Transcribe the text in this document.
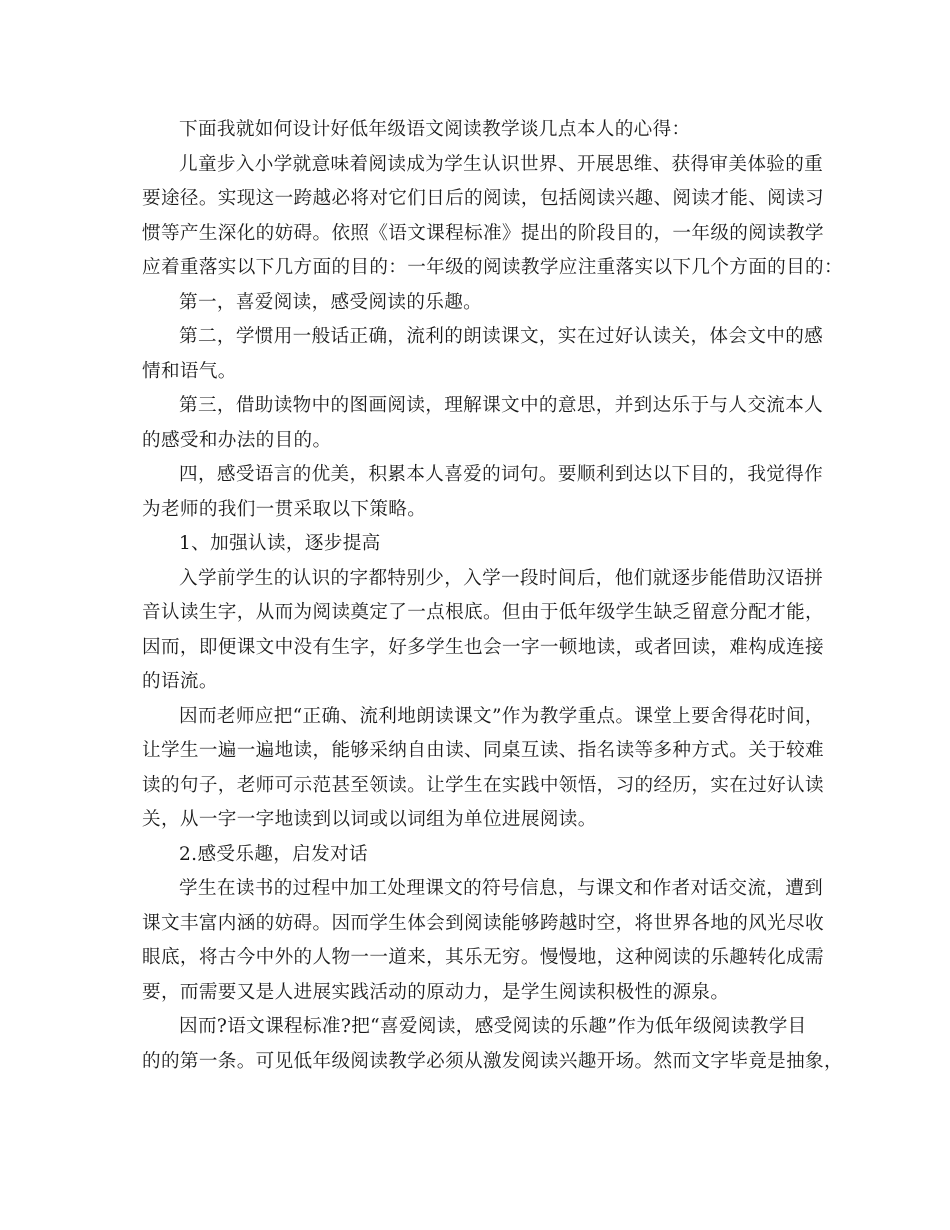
下面我就如何设计好低年级语文阅读教学谈几点本人的心得：
儿童步入小学就意味着阅读成为学生认识世界、开展思维、获得审美体验的重
要途径。实现这一跨越必将对它们日后的阅读，包括阅读兴趣、阅读才能、阅读习
惯等产生深化的妨碍。依照《语文课程标准》提出的阶段目的，一年级的阅读教学
应着重落实以下几方面的目的：一年级的阅读教学应注重落实以下几个方面的目的：
第一，喜爱阅读，感受阅读的乐趣。
第二，学惯用一般话正确，流利的朗读课文，实在过好认读关，体会文中的感
情和语气。
第三，借助读物中的图画阅读，理解课文中的意思，并到达乐于与人交流本人
的感受和办法的目的。
四，感受语言的优美，积累本人喜爱的词句。要顺利到达以下目的，我觉得作
为老师的我们一贯采取以下策略。
1、加强认读，逐步提高
入学前学生的认识的字都特别少，入学一段时间后，他们就逐步能借助汉语拼
音认读生字，从而为阅读奠定了一点根底。但由于低年级学生缺乏留意分配才能，
因而，即便课文中没有生字，好多学生也会一字一顿地读，或者回读，难构成连接
的语流。
因而老师应把“正确、流利地朗读课文”作为教学重点。课堂上要舍得花时间，
让学生一遍一遍地读，能够采纳自由读、同桌互读、指名读等多种方式。关于较难
读的句子，老师可示范甚至领读。让学生在实践中领悟，习的经历，实在过好认读
关，从一字一字地读到以词或以词组为单位进展阅读。
2.感受乐趣，启发对话
学生在读书的过程中加工处理课文的符号信息，与课文和作者对话交流，遭到
课文丰富内涵的妨碍。因而学生体会到阅读能够跨越时空，将世界各地的风光尽收
眼底，将古今中外的人物一一道来，其乐无穷。慢慢地，这种阅读的乐趣转化成需
要，而需要又是人进展实践活动的原动力，是学生阅读积极性的源泉。
因而?语文课程标准?把“喜爱阅读，感受阅读的乐趣”作为低年级阅读教学目
的的第一条。可见低年级阅读教学必须从激发阅读兴趣开场。然而文字毕竟是抽象，
